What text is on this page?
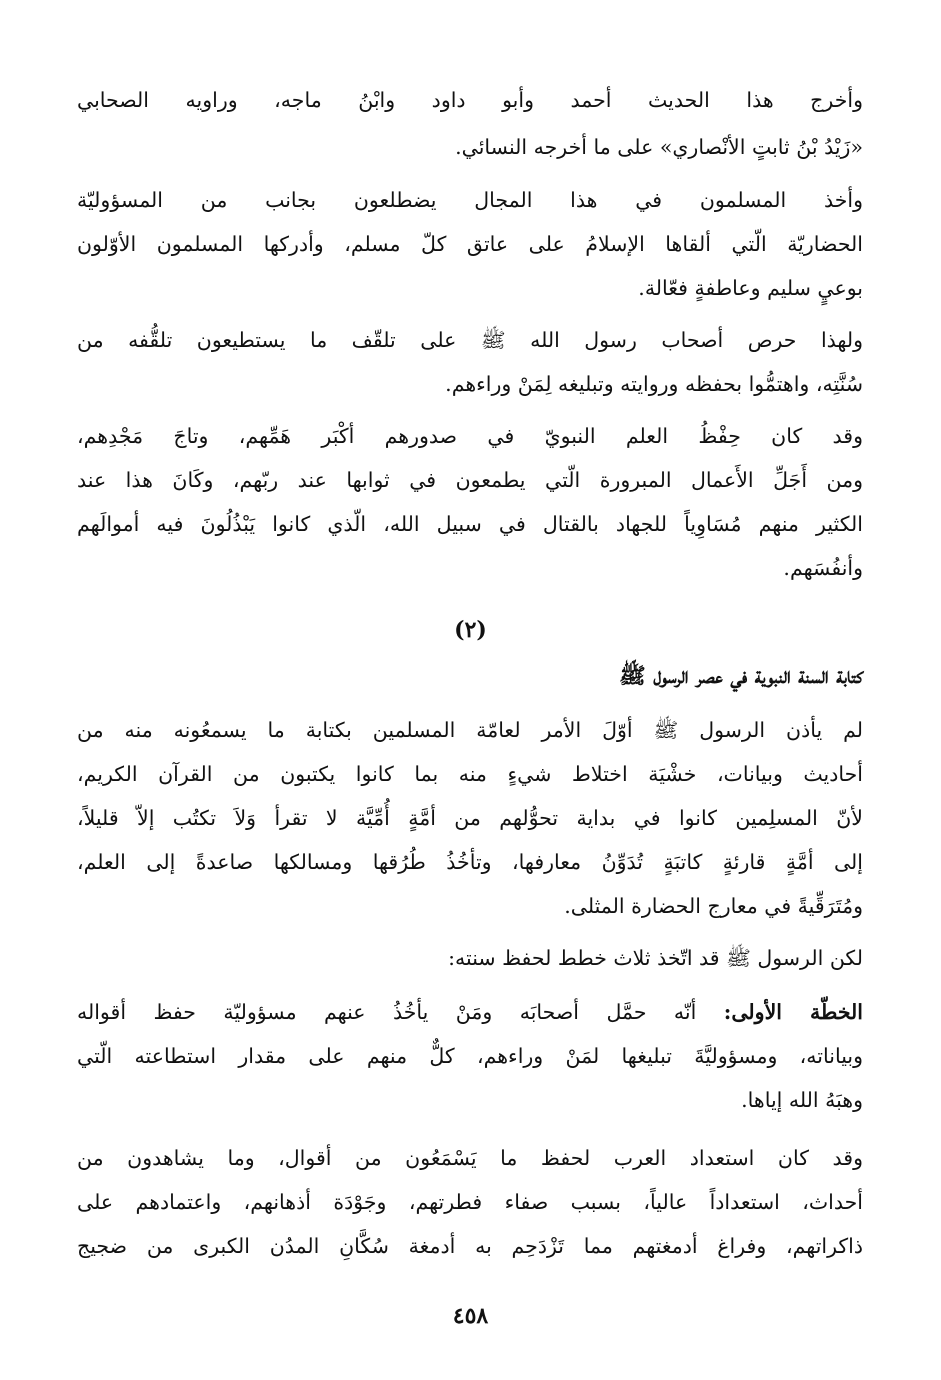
وأخرج هذا الحديث أحمد وأبو داود وابْنُ ماجه، وراويه الصحابي
«زَيْدُ بْنُ ثابتٍ الأنْصاري» على ما أخرجه النسائي.
وأخذ المسلمون في هذا المجال يضطلعون بجانب من المسؤوليّة
الحضاريّة الّتي ألقاها الإسلامُ على عاتق كلّ مسلم، وأدركها المسلمون الأوّلون
بوعيٍ سليم وعاطفةٍ فعّالة.
ولهذا حرص أصحاب رسول الله ﷺ على تلقّف ما يستطيعون تلقُّفه من
سُنَّتِه، واهتمُّوا بحفظه وروايته وتبليغه لِمَنْ وراءهم.
وقد كان حِفْظُ العلم النبويّ في صدورهم أكْبَر هَمِّهم، وتاجَ مَجْدِهم،
ومن أَجَلِّ الأَعمال المبرورة الّتي يطمعون في ثوابها عند ربّهم، وكَانَ هذا عند
الكثير منهم مُسَاوِياً للجهاد بالقتال في سبيل الله، الّذي كانوا يَبْذُلُونَ فيه أموالَهم
وأنفُسَهم.
(٢)
كتابة السنة النبوية في عصر الرسول ﷺ
لم يأذن الرسول ﷺ أوّلَ الأمر لعامّة المسلمين بكتابة ما يسمعُونه منه من
أحاديث وبيانات، خشْيَة اختلاط شيءٍ منه بما كانوا يكتبون من القرآن الكريم،
لأنّ المسلِمين كانوا في بداية تحوُّلهم من أمَّةٍ أُمِّيَّة لا تقرأ وَلاَ تكتُب إلاّ قليلاً،
إلى أمَّةٍ قارئةٍ كاتبَةٍ تُدَوِّنُ معارفها، وتأخُذُ طُرُقها ومسالكها صاعدةً إلى العلم،
ومُتَرَقِّيةً في معارج الحضارة المثلى.
لكن الرسول ﷺ قد اتّخذ ثلاث خطط لحفظ سنته:
الخطّة الأولى: أنّه حمَّل أصحابَه ومَنْ يأخُذُ عنهم مسؤوليّة حفظ أقواله
وبياناته، ومسؤوليَّةَ تبليغها لمَنْ وراءهم، كلٌّ منهم على مقدار استطاعته الّتي
وهبَهُ الله إياها.
وقد كان استعداد العرب لحفظ ما يَسْمَعُون من أقوال، وما يشاهدون من
أحداث، استعداداً عالياً، بسبب صفاء فطرتهم، وجَوْدَة أذهانهم، واعتمادهم على
ذاكراتهم، وفراغ أدمغتهم مما تَزْدَحِم به أدمغة سُكَّانِ المدُن الكبرى من ضجيج
٤٥٨
